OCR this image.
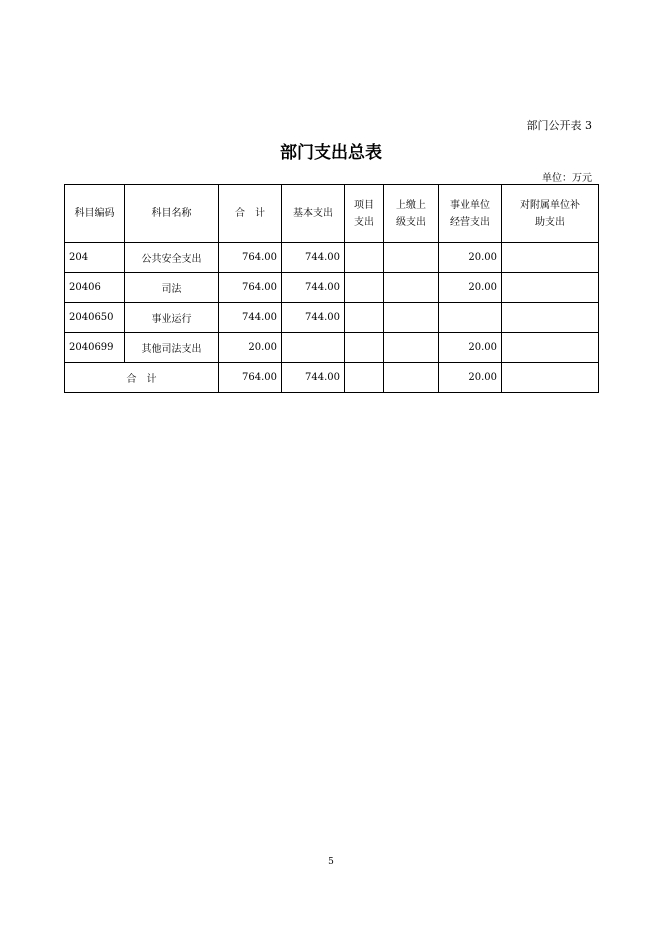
部门公开表 3
部门支出总表
单位：万元
科目编码	科目名称	合　计	基本支出	项目支出	上缴上级支出	事业单位经营支出	对附属单位补助支出
204	公共安全支出	764.00	744.00			20.00	
20406	司法	764.00	744.00			20.00	
2040650	事业运行	744.00	744.00				
2040699	其他司法支出	20.00				20.00	
合　计		764.00	744.00			20.00	
5
